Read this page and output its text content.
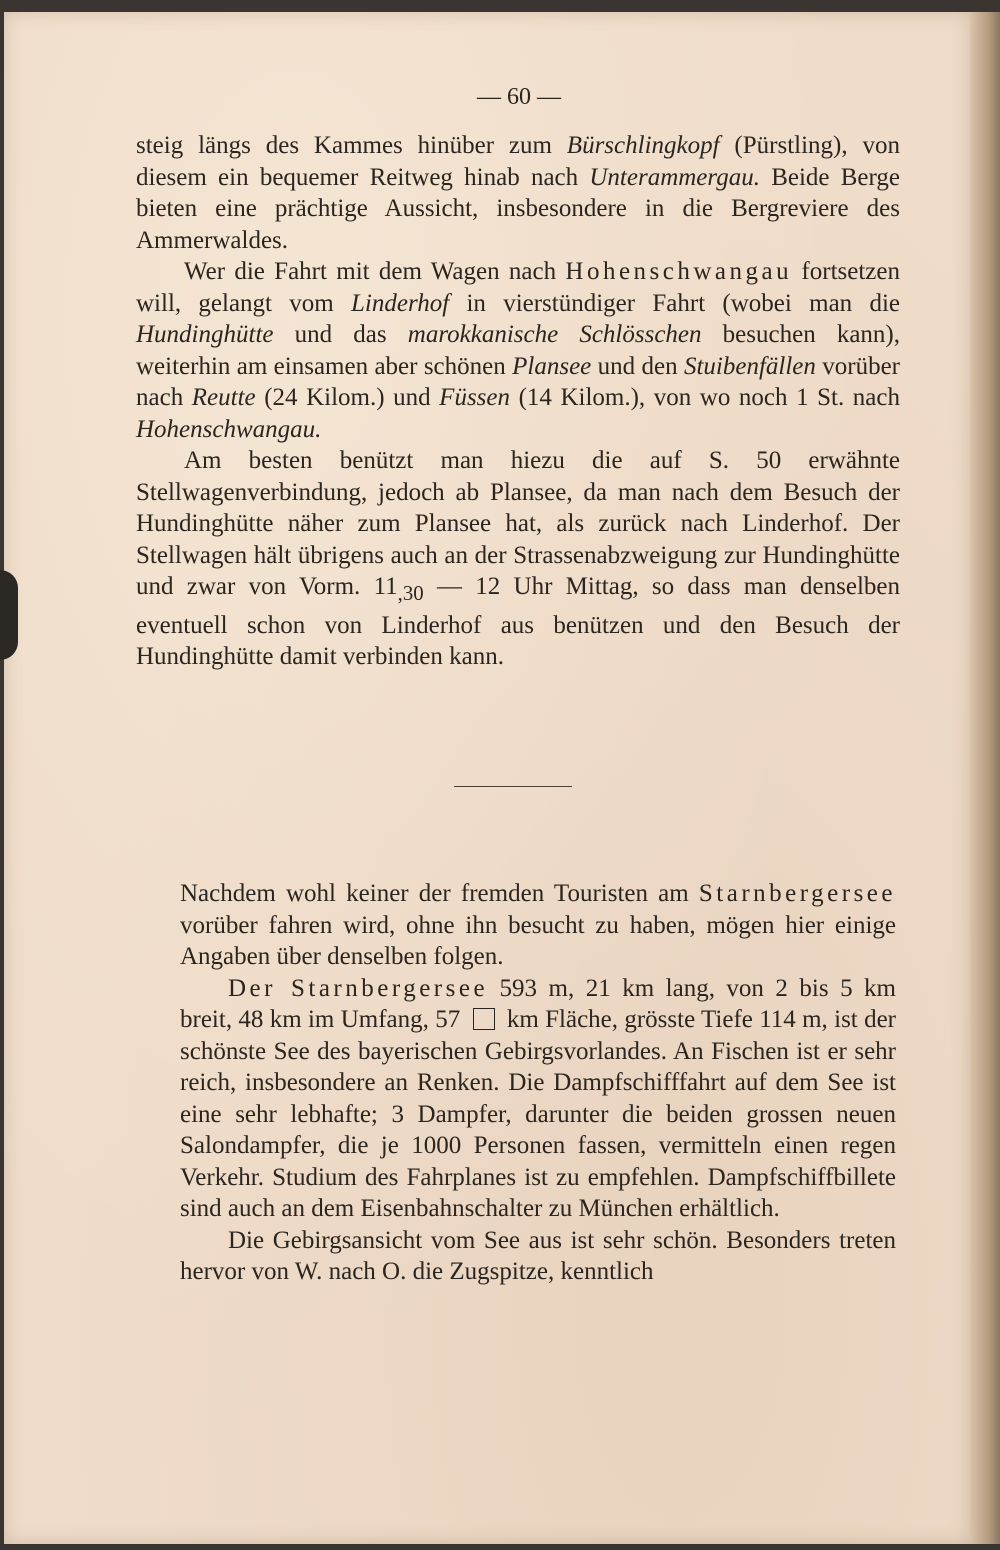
— 60 —

steig längs des Kammes hinüber zum Bürschlingkopf (Pürstling), von diesem ein bequemer Reitweg hinab nach Unterammergau. Beide Berge bieten eine prächtige Aussicht, insbesondere in die Bergreviere des Ammerwaldes.

Wer die Fahrt mit dem Wagen nach Hohenschwangau fortsetzen will, gelangt vom Linderhof in vierstündiger Fahrt (wobei man die Hundinghütte und das marokkanische Schlösschen besuchen kann), weiterhin am einsamen aber schönen Plansee und den Stuibenfällen vorüber nach Reutte (24 Kilom.) und Füssen (14 Kilom.), von wo noch 1 St. nach Hohenschwangau.

Am besten benützt man hiezu die auf S. 50 erwähnte Stellwagenverbindung, jedoch ab Plansee, da man nach dem Besuch der Hundinghütte näher zum Plansee hat, als zurück nach Linderhof. Der Stellwagen hält übrigens auch an der Strassenabzweigung zur Hundinghütte und zwar von Vorm. $11_{,30}$ — 12 Uhr Mittag, so dass man denselben eventuell schon von Linderhof aus benützen und den Besuch der Hundinghütte damit verbinden kann.

Nachdem wohl keiner der fremden Touristen am Starnbergersee vorüber fahren wird, ohne ihn besucht zu haben, mögen hier einige Angaben über denselben folgen.

Der Starnbergersee 593 m, 21 km lang, von 2 bis 5 km breit, 48 km im Umfang, 57  km Fläche, grösste Tiefe 114 m, ist der schönste See des bayerischen Gebirgsvorlandes. An Fischen ist er sehr reich, insbesondere an Renken. Die Dampfschifffahrt auf dem See ist eine sehr lebhafte; 3 Dampfer, darunter die beiden grossen neuen Salondampfer, die je 1000 Personen fassen, vermitteln einen regen Verkehr. Studium des Fahrplanes ist zu empfehlen. Dampfschiffbillete sind auch an dem Eisenbahnschalter zu München erhältlich.

Die Gebirgsansicht vom See aus ist sehr schön. Besonders treten hervor von W. nach O. die Zugspitze, kenntlich
